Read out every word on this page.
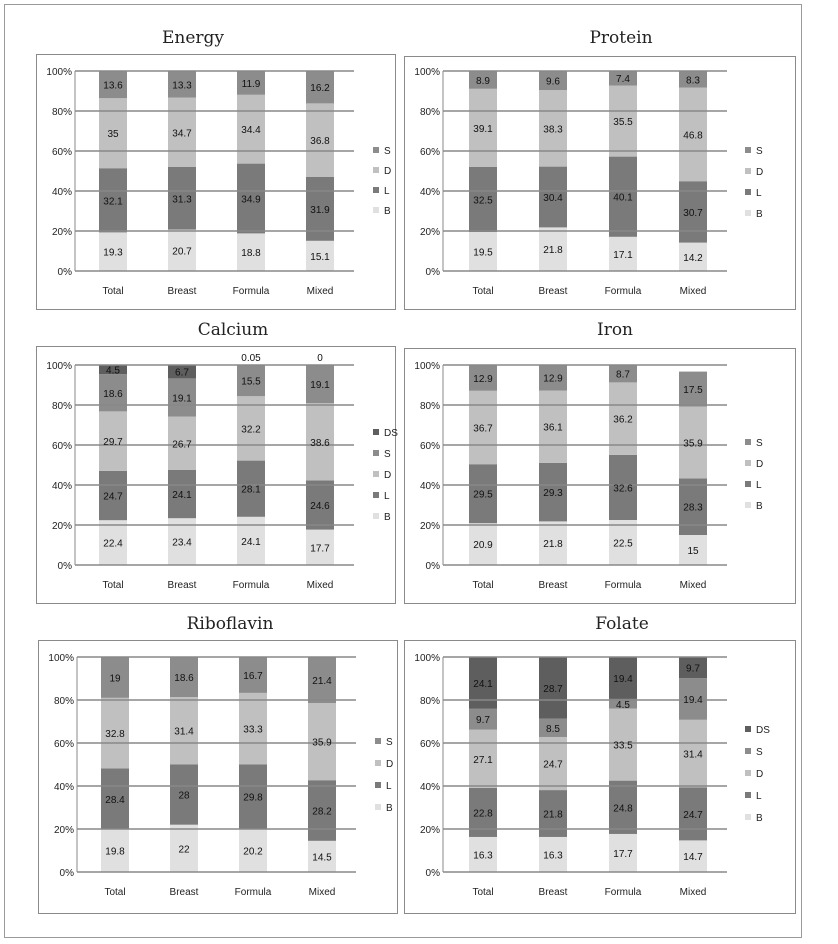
Energy
0%
20%
40%
60%
80%
100%
19.3
32.1
35
13.6
20.7
31.3
34.7
13.3
18.8
34.9
34.4
11.9
15.1
31.9
36.8
16.2
Total	Breast	Formula	Mixed
S
D
L
B
Protein
0%
20%
40%
60%
80%
100%
19.5
32.5
39.1
8.9
21.8
30.4
38.3
9.6
17.1
40.1
35.5
7.4
14.2
30.7
46.8
8.3
Total	Breast	Formula	Mixed
S
D
L
B
Calcium
0%
20%
40%
60%
80%
100%
22.4
24.7
29.7
18.6
4.5
23.4
24.1
26.7
19.1
6.7
24.1
28.1
32.2
15.5
0.05
17.7
24.6
38.6
19.1
0
Total	Breast	Formula	Mixed
DS
S
D
L
B
Iron
0%
20%
40%
60%
80%
100%
20.9
29.5
36.7
12.9
21.8
29.3
36.1
12.9
22.5
32.6
36.2
8.7
15
28.3
35.9
17.5
Total	Breast	Formula	Mixed
S
D
L
B
Riboflavin
0%
20%
40%
60%
80%
100%
19.8
28.4
32.8
19
22
28
31.4
18.6
20.2
29.8
33.3
16.7
14.5
28.2
35.9
21.4
Total	Breast	Formula	Mixed
S
D
L
B
Folate
0%
20%
40%
60%
80%
100%
16.3
22.8
27.1
9.7
24.1
16.3
21.8
24.7
8.5
28.7
17.7
24.8
33.5
4.5
19.4
14.7
24.7
31.4
19.4
9.7
Total	Breast	Formula	Mixed
DS
S
D
L
B
